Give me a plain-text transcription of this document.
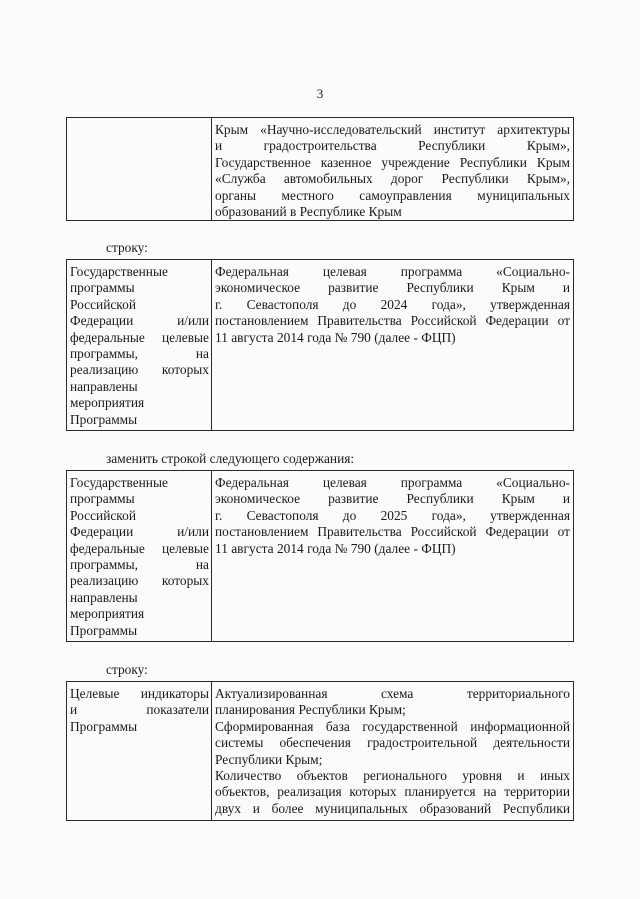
3
Крым «Научно-исследовательский институт архитектуры
и градостроительства Республики Крым»,
Государственное казенное учреждение Республики Крым
«Служба автомобильных дорог Республики Крым»,
органы местного самоуправления муниципальных
образований в Республике Крым
строку:
Государственные
программы
Российской
Федерации и/или
федеральные целевые
программы, на
реализацию которых
направлены
мероприятия
Программы
Федеральная целевая программа «Социально-
экономическое развитие Республики Крым и
г. Севастополя до 2024 года», утвержденная
постановлением Правительства Российской Федерации от
11 августа 2014 года № 790 (далее - ФЦП)
заменить строкой следующего содержания:
Государственные
программы
Российской
Федерации и/или
федеральные целевые
программы, на
реализацию которых
направлены
мероприятия
Программы
Федеральная целевая программа «Социально-
экономическое развитие Республики Крым и
г. Севастополя до 2025 года», утвержденная
постановлением Правительства Российской Федерации от
11 августа 2014 года № 790 (далее - ФЦП)
строку:
Целевые индикаторы
и показатели
Программы
Актуализированная схема территориального
планирования Республики Крым;
Сформированная база государственной информационной
системы обеспечения градостроительной деятельности
Республики Крым;
Количество объектов регионального уровня и иных
объектов, реализация которых планируется на территории
двух и более муниципальных образований Республики
